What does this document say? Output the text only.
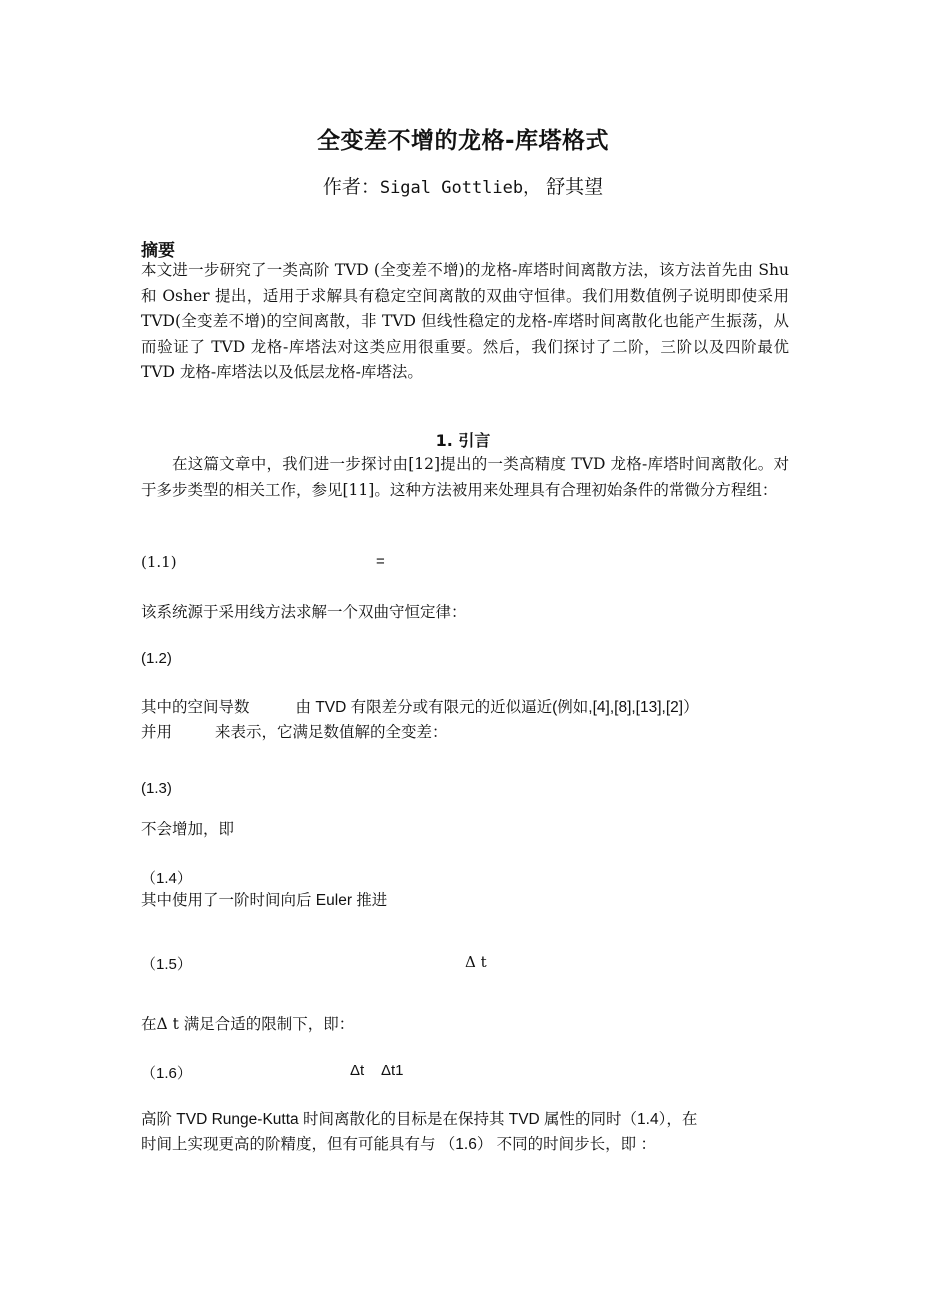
全变差不增的龙格-库塔格式
作者：Sigal Gottlieb， 舒其望
摘要
本文进一步研究了一类高阶 TVD (全变差不增)的龙格-库塔时间离散方法，该方法首先由 Shu 和 Osher 提出，适用于求解具有稳定空间离散的双曲守恒律。我们用数值例子说明即使采用 TVD(全变差不增)的空间离散，非 TVD 但线性稳定的龙格-库塔时间离散化也能产生振荡，从而验证了 TVD 龙格-库塔法对这类应用很重要。然后，我们探讨了二阶，三阶以及四阶最优 TVD 龙格-库塔法以及低层龙格-库塔法。
1. 引言
在这篇文章中，我们进一步探讨由[12]提出的一类高精度 TVD 龙格-库塔时间离散化。对于多步类型的相关工作，参见[11]。这种方法被用来处理具有合理初始条件的常微分方程组：
(1.1)	=
该系统源于采用线方法求解一个双曲守恒定律：
(1.2)
其中的空间导数	由 TVD 有限差分或有限元的近似逼近(例如,[4],[8],[13],[2]）
并用	来表示，它满足数值解的全变差：
(1.3)
不会增加，即
（1.4）
其中使用了一阶时间向后 Euler 推进
（1.5）	Δ t
在Δ t 满足合适的限制下，即：
（1.6）	Δt Δt1
高阶 TVD Runge-Kutta 时间离散化的目标是在保持其 TVD 属性的同时（1.4），在
时间上实现更高的阶精度，但有可能具有与 （1.6） 不同的时间步长，即 ：
